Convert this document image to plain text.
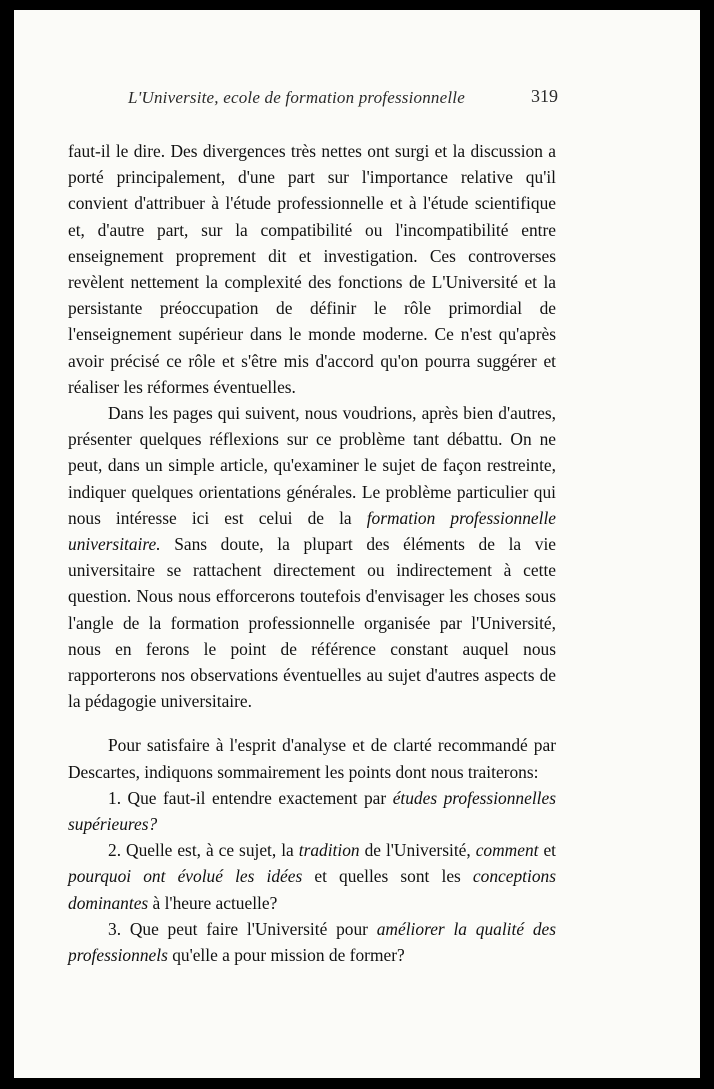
L'Universite, ecole de formation professionnelle	319

faut-il le dire. Des divergences très nettes ont surgi et la discussion a porté principalement, d'une part sur l'importance relative qu'il convient d'attribuer à l'étude professionnelle et à l'étude scientifique et, d'autre part, sur la compatibilité ou l'incompatibilité entre enseignement proprement dit et investigation. Ces controverses revèlent nettement la complexité des fonctions de L'Université et la persistante préoccupation de définir le rôle primordial de l'enseignement supérieur dans le monde moderne. Ce n'est qu'après avoir précisé ce rôle et s'être mis d'accord qu'on pourra suggérer et réaliser les réformes éventuelles.

Dans les pages qui suivent, nous voudrions, après bien d'autres, présenter quelques réflexions sur ce problème tant débattu. On ne peut, dans un simple article, qu'examiner le sujet de façon restreinte, indiquer quelques orientations générales. Le problème particulier qui nous intéresse ici est celui de la formation professionnelle universitaire. Sans doute, la plupart des éléments de la vie universitaire se rattachent directement ou indirectement à cette question. Nous nous efforcerons toutefois d'envisager les choses sous l'angle de la formation professionnelle organisée par l'Université, nous en ferons le point de référence constant auquel nous rapporterons nos observations éventuelles au sujet d'autres aspects de la pédagogie universitaire.

Pour satisfaire à l'esprit d'analyse et de clarté recommandé par Descartes, indiquons sommairement les points dont nous traiterons:

1. Que faut-il entendre exactement par études professionnelles supérieures?

2. Quelle est, à ce sujet, la tradition de l'Université, comment et pourquoi ont évolué les idées et quelles sont les conceptions dominantes à l'heure actuelle?

3. Que peut faire l'Université pour améliorer la qualité des professionnels qu'elle a pour mission de former?
